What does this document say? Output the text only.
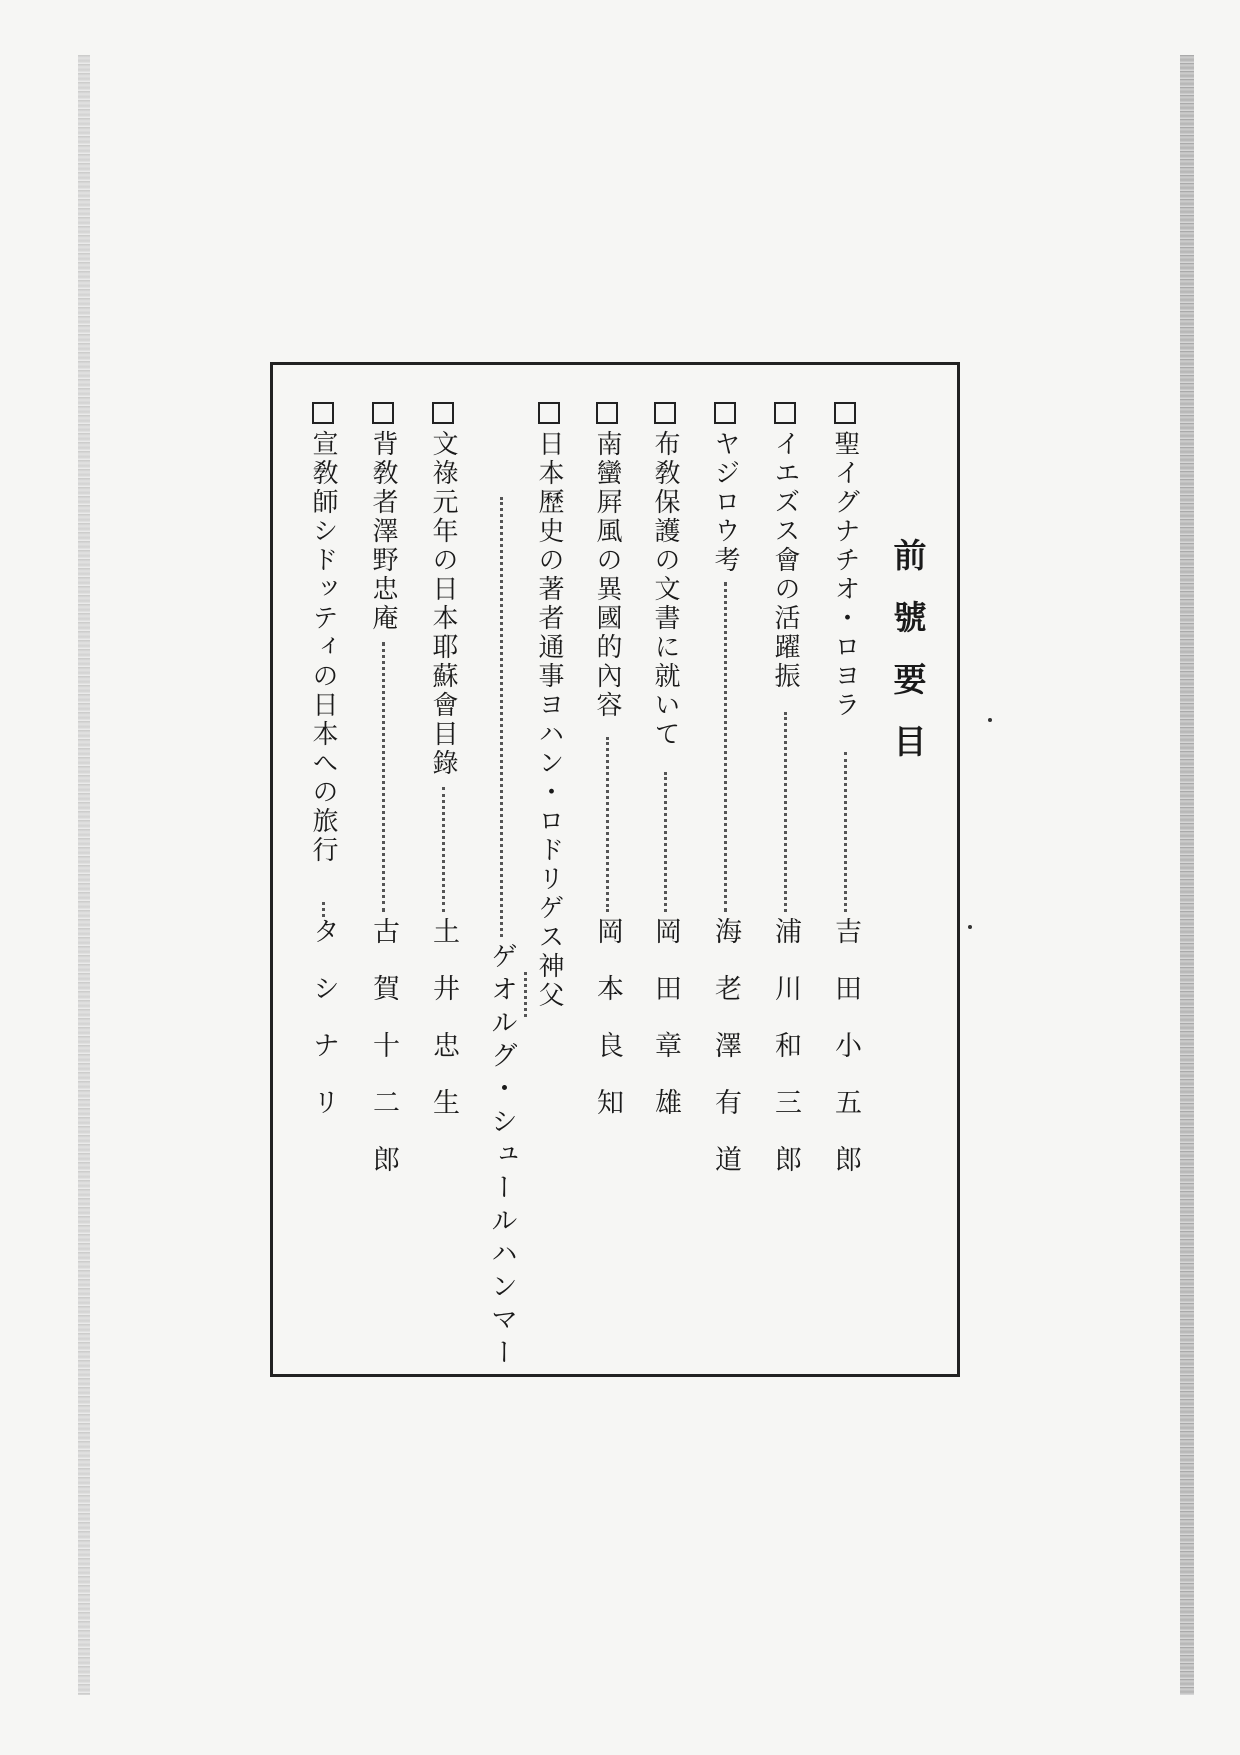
前
號
要
目
聖イグナチオ・ロヨラ
吉田小五郎
イエズス會の活躍振
浦川和三郎
ヤジロウ考
海老澤有道
布敎保護の文書に就いて
岡田章雄
南蠻屛風の異國的內容
岡本良知
日本歷史の著者通事ヨハン・ロドリゲス神父
ゲオルグ・シュールハンマー
文祿元年の日本耶蘇會目錄
土井忠生
背敎者澤野忠庵
古賀十二郎
宣敎師シドッティの日本への旅行
タシナリ
